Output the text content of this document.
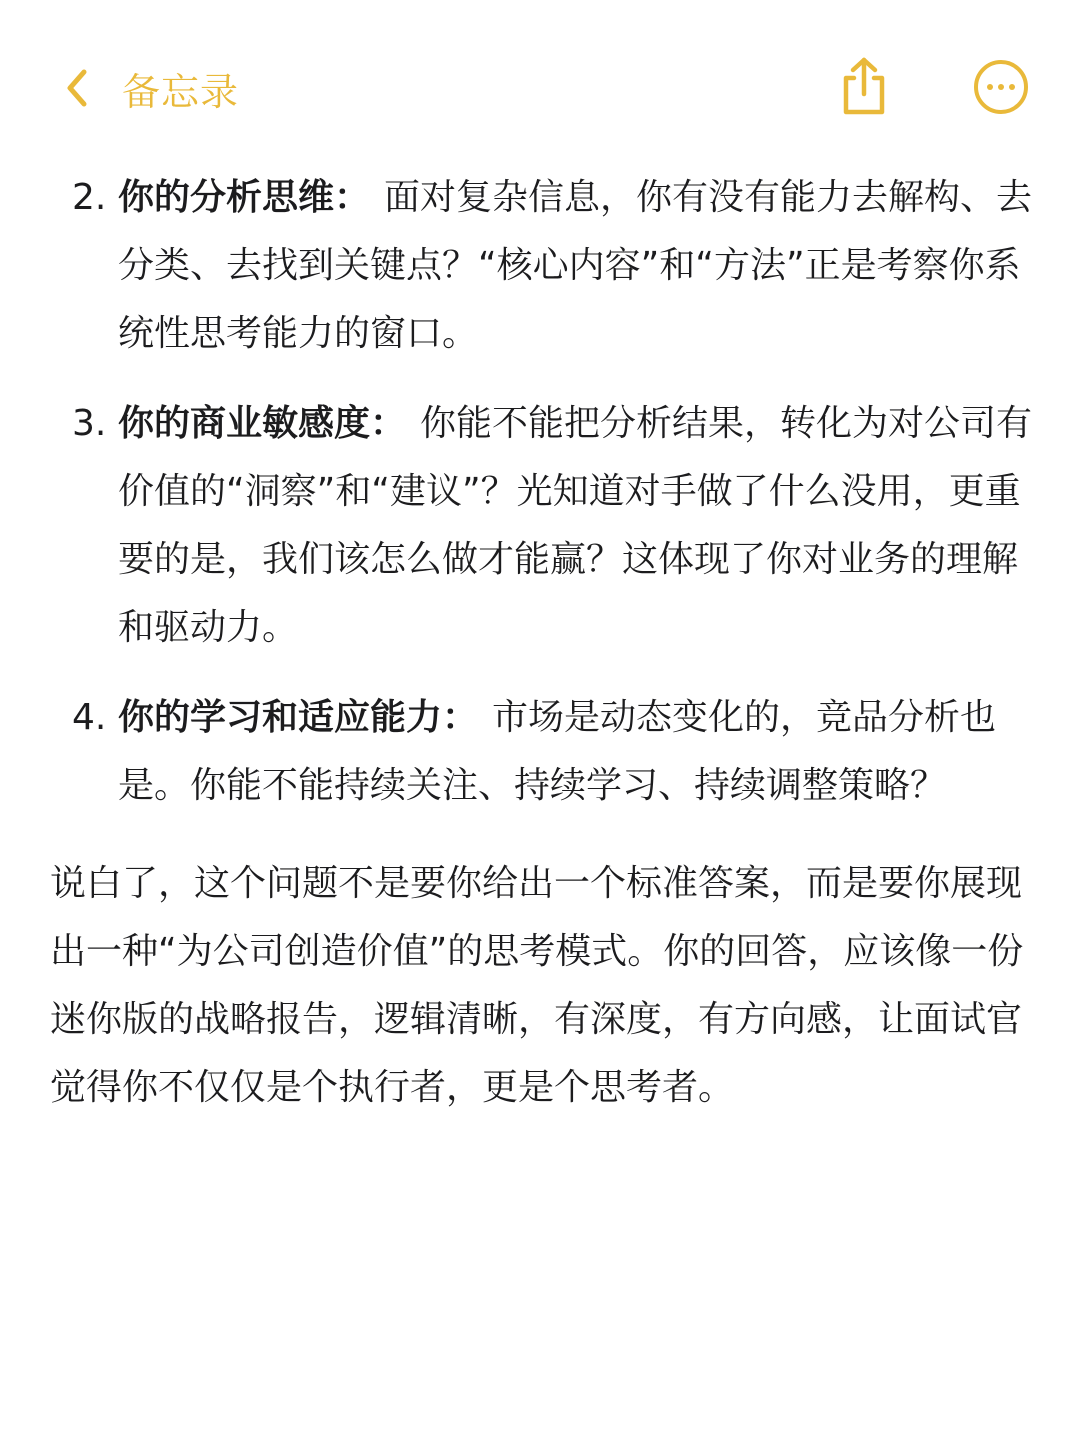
备忘录
2. 你的分析思维： 面对复杂信息，你有没有能力去解构、去分类、去找到关键点？“核心内容”和“方法”正是考察你系统性思考能力的窗口。
3. 你的商业敏感度： 你能不能把分析结果，转化为对公司有价值的“洞察”和“建议”？光知道对手做了什么没用，更重要的是，我们该怎么做才能赢？这体现了你对业务的理解和驱动力。
4. 你的学习和适应能力： 市场是动态变化的，竞品分析也是。你能不能持续关注、持续学习、持续调整策略？

说白了，这个问题不是要你给出一个标准答案，而是要你展现出一种“为公司创造价值”的思考模式。你的回答，应该像一份迷你版的战略报告，逻辑清晰，有深度，有方向感，让面试官觉得你不仅仅是个执行者，更是个思考者。
